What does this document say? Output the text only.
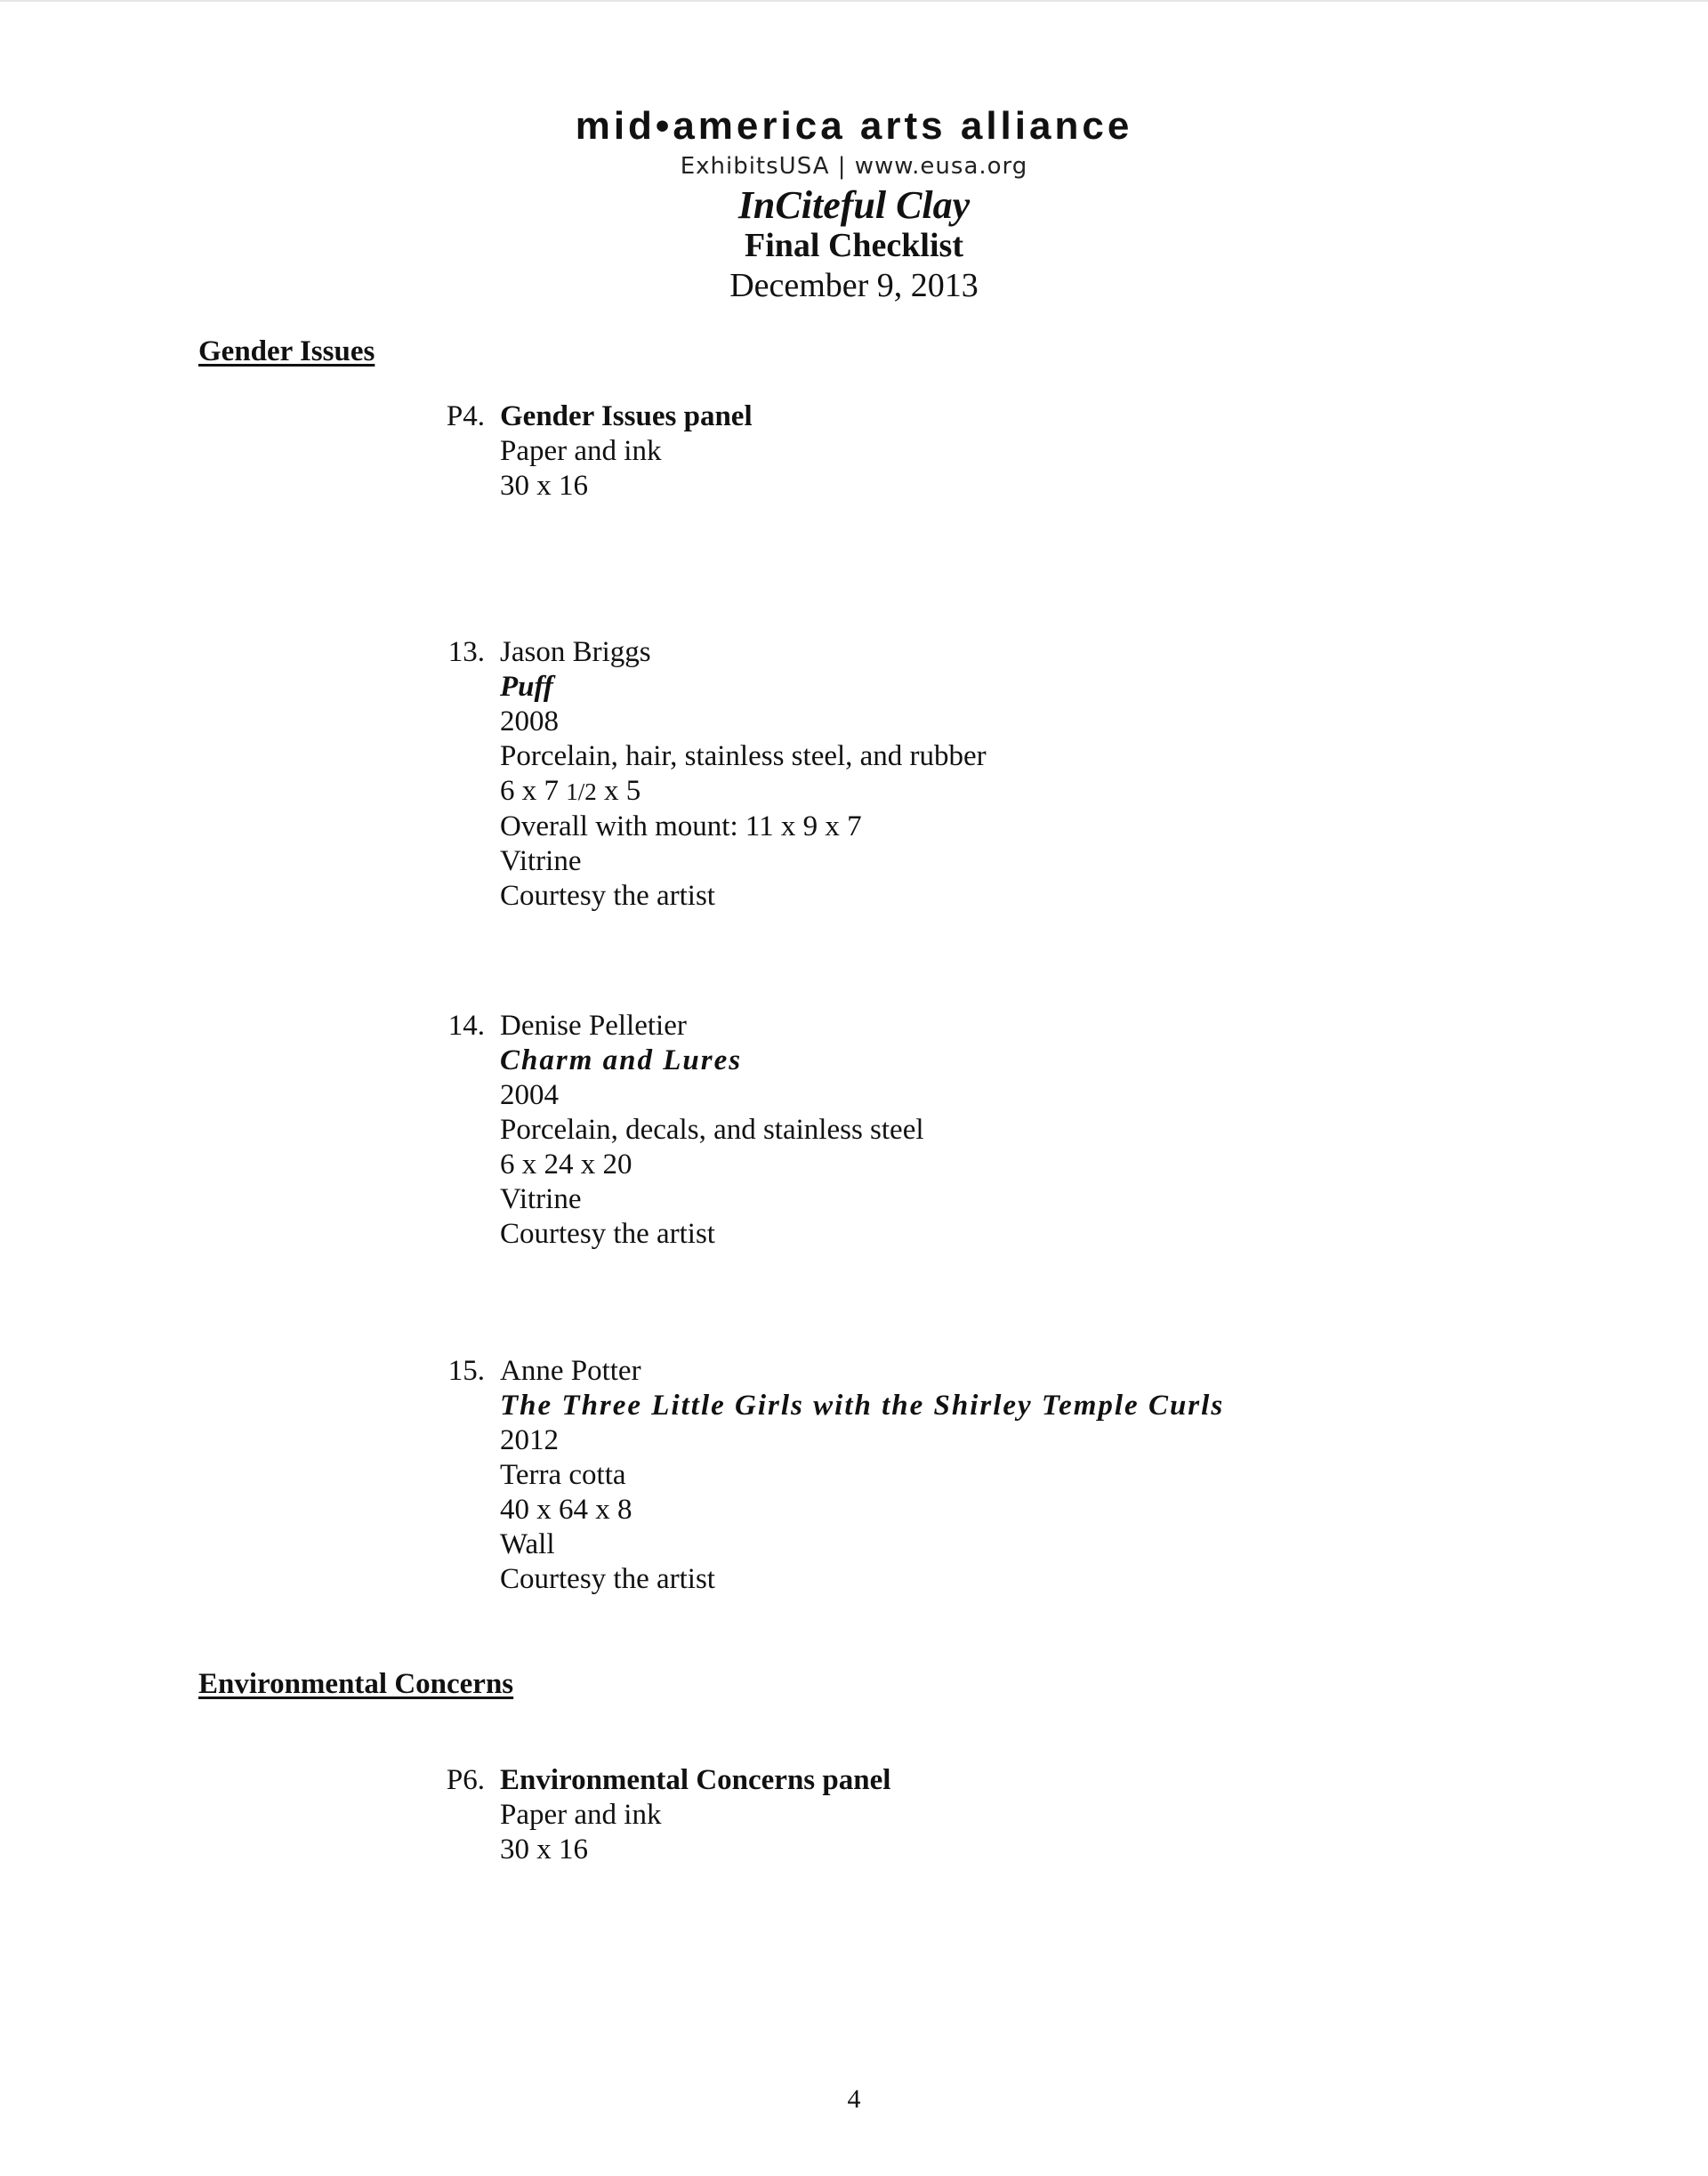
mid•america arts alliance
ExhibitsUSA | www.eusa.org
InCiteful Clay
Final Checklist
December 9, 2013
Gender Issues
P4. Gender Issues panel
Paper and ink
30 x 16
13. Jason Briggs
Puff
2008
Porcelain, hair, stainless steel, and rubber
6 x 7 1/2 x 5
Overall with mount: 11 x 9 x 7
Vitrine
Courtesy the artist
14. Denise Pelletier
Charm and Lures
2004
Porcelain, decals, and stainless steel
6 x 24 x 20
Vitrine
Courtesy the artist
15. Anne Potter
The Three Little Girls with the Shirley Temple Curls
2012
Terra cotta
40 x 64 x 8
Wall
Courtesy the artist
Environmental Concerns
P6. Environmental Concerns panel
Paper and ink
30 x 16
4
